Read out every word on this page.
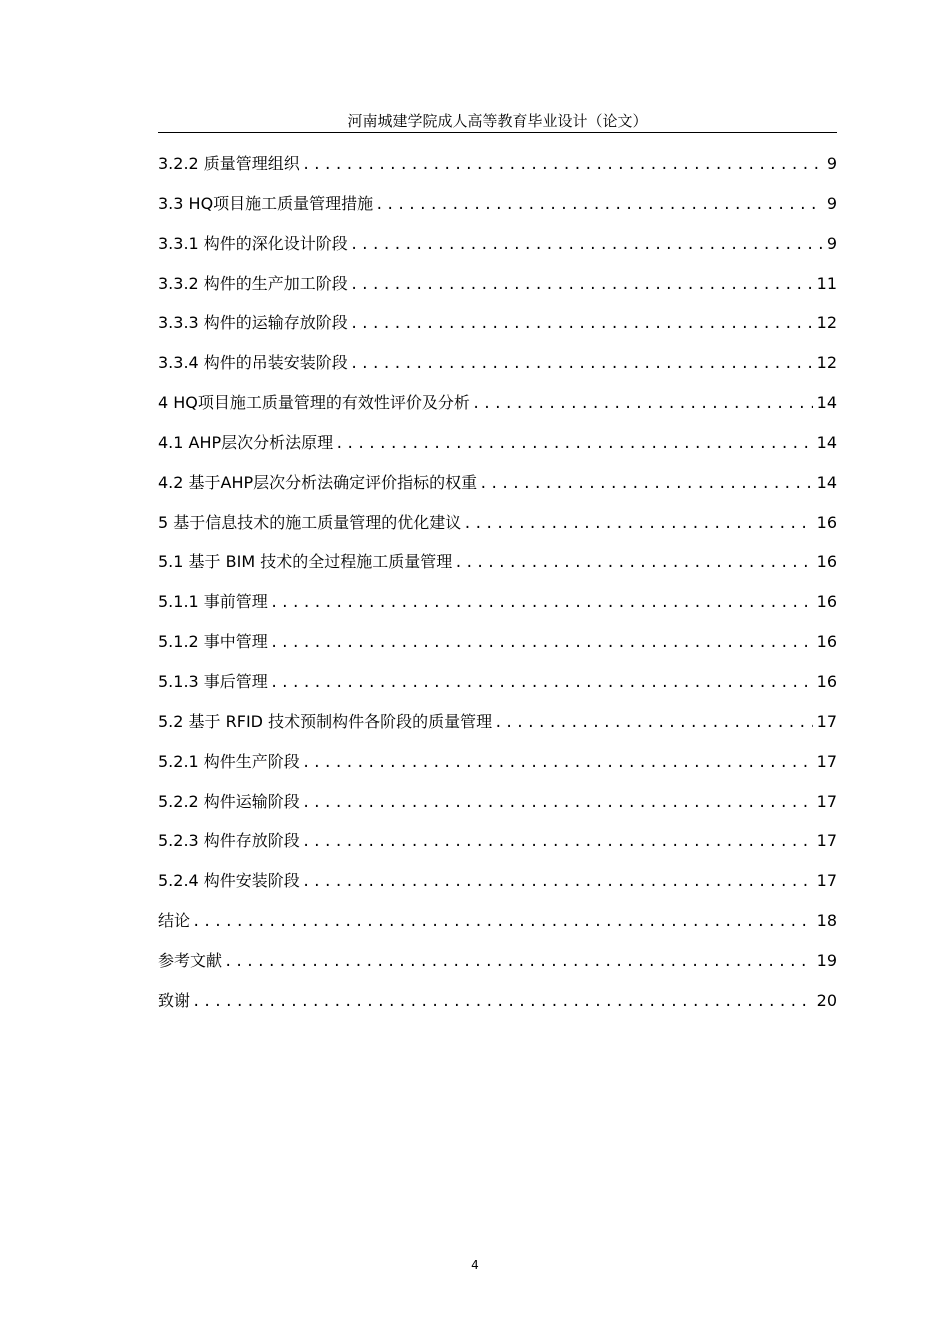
河南城建学院成人高等教育毕业设计（论文）
3.2.2 质量管理组织 . . .	9
3.3 HQ项目施工质量管理措施 . . .	9
3.3.1 构件的深化设计阶段 . . .	9
3.3.2 构件的生产加工阶段 . . .	11
3.3.3 构件的运输存放阶段 . . .	12
3.3.4 构件的吊装安装阶段 . . .	12
4 HQ项目施工质量管理的有效性评价及分析 . . .	14
4.1 AHP层次分析法原理 . . .	14
4.2 基于AHP层次分析法确定评价指标的权重 . . .	14
5 基于信息技术的施工质量管理的优化建议 . . .	16
5.1 基于 BIM 技术的全过程施工质量管理 . . .	16
5.1.1 事前管理 . . .	16
5.1.2 事中管理 . . .	16
5.1.3 事后管理 . . .	16
5.2 基于 RFID 技术预制构件各阶段的质量管理 . . .	17
5.2.1 构件生产阶段 . . .	17
5.2.2 构件运输阶段 . . .	17
5.2.3 构件存放阶段 . . .	17
5.2.4 构件安装阶段 . . .	17
结论 . . .	18
参考文献 . . .	19
致谢 . . .	20
4
